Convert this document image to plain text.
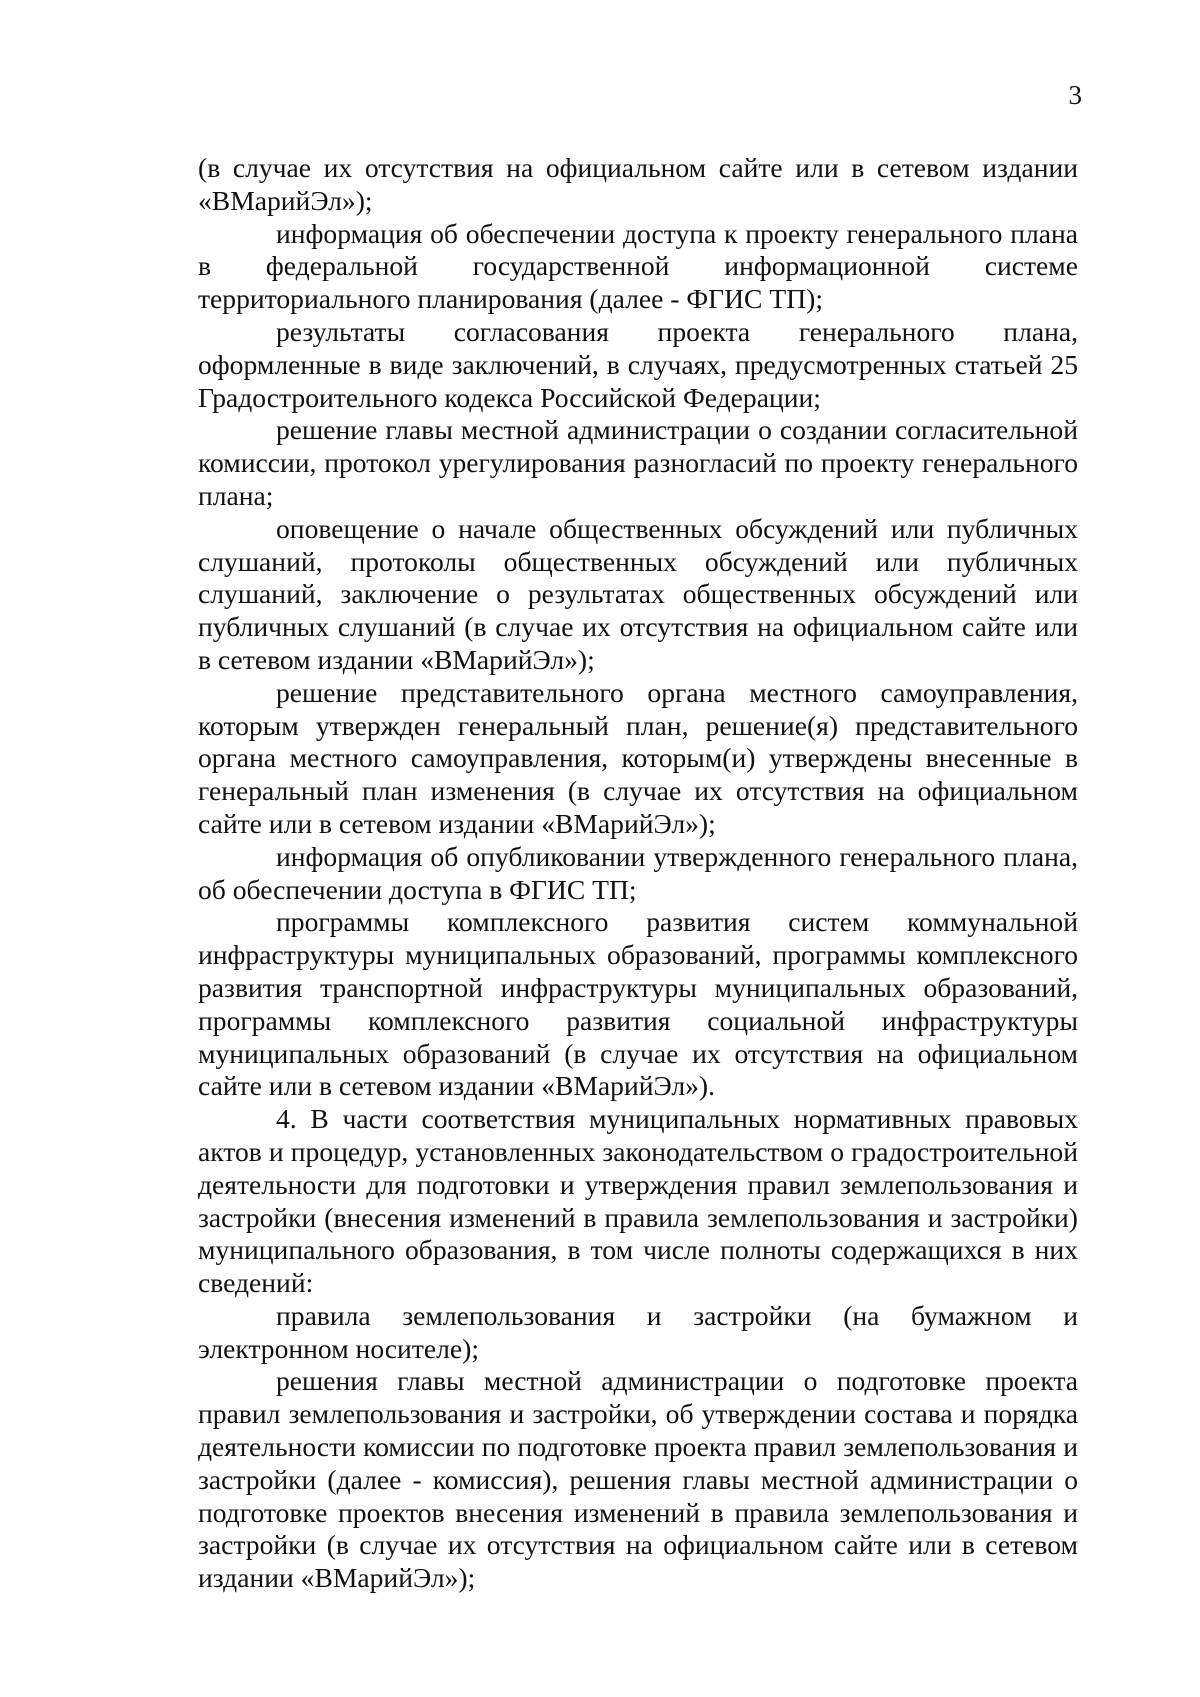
3

(в случае их отсутствия на официальном сайте или в сетевом издании «ВМарийЭл»);

информация об обеспечении доступа к проекту генерального плана в федеральной государственной информационной системе территориального планирования (далее - ФГИС ТП);

результаты согласования проекта генерального плана, оформленные в виде заключений, в случаях, предусмотренных статьей 25 Градостроительного кодекса Российской Федерации;

решение главы местной администрации о создании согласительной комиссии, протокол урегулирования разногласий по проекту генерального плана;

оповещение о начале общественных обсуждений или публичных слушаний, протоколы общественных обсуждений или публичных слушаний, заключение о результатах общественных обсуждений или публичных слушаний (в случае их отсутствия на официальном сайте или в сетевом издании «ВМарийЭл»);

решение представительного органа местного самоуправления, которым утвержден генеральный план, решение(я) представительного органа местного самоуправления, которым(и) утверждены внесенные в генеральный план изменения (в случае их отсутствия на официальном сайте или в сетевом издании «ВМарийЭл»);

информация об опубликовании утвержденного генерального плана, об обеспечении доступа в ФГИС ТП;

программы комплексного развития систем коммунальной инфраструктуры муниципальных образований, программы комплексного развития транспортной инфраструктуры муниципальных образований, программы комплексного развития социальной инфраструктуры муниципальных образований (в случае их отсутствия на официальном сайте или в сетевом издании «ВМарийЭл»).

4. В части соответствия муниципальных нормативных правовых актов и процедур, установленных законодательством о градостроительной деятельности для подготовки и утверждения правил землепользования и застройки (внесения изменений в правила землепользования и застройки) муниципального образования, в том числе полноты содержащихся в них сведений:

правила землепользования и застройки (на бумажном и электронном носителе);

решения главы местной администрации о подготовке проекта правил землепользования и застройки, об утверждении состава и порядка деятельности комиссии по подготовке проекта правил землепользования и застройки (далее - комиссия), решения главы местной администрации о подготовке проектов внесения изменений в правила землепользования и застройки (в случае их отсутствия на официальном сайте или в сетевом издании «ВМарийЭл»);
